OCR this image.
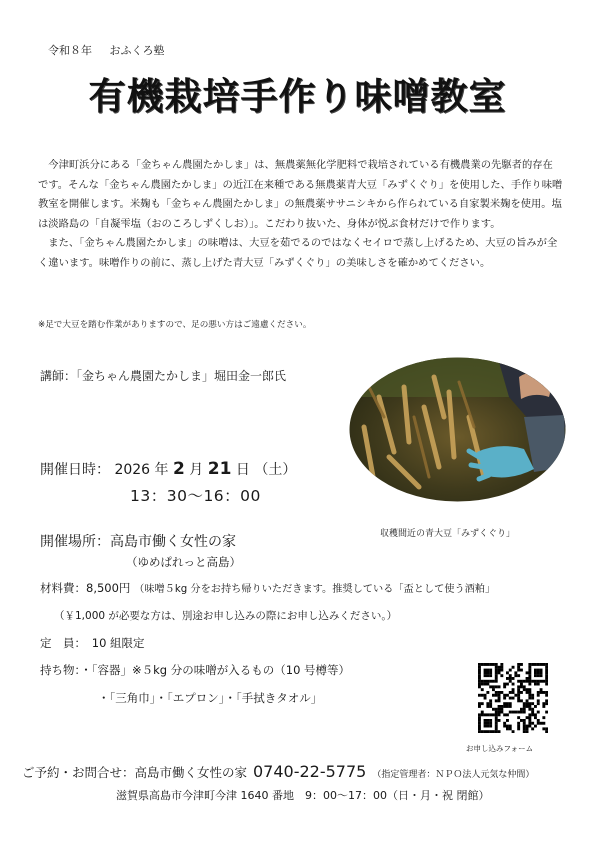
令和８年 おふくろ塾
有機栽培手作り味噌教室

今津町浜分にある「金ちゃん農園たかしま」は、無農薬無化学肥料で栽培されている有機農業の先駆者的存在です。そんな「金ちゃん農園たかしま」の近江在来種である無農薬青大豆「みずくぐり」を使用した、手作り味噌教室を開催します。米麹も「金ちゃん農園たかしま」の無農薬ササニシキから作られている自家製米麹を使用。塩は淡路島の「自凝雫塩（おのころしずくしお）」。こだわり抜いた、身体が悦ぶ食材だけで作ります。

また、「金ちゃん農園たかしま」の味噌は、大豆を茹でるのではなくセイロで蒸し上げるため、大豆の旨みが全く違います。味噌作りの前に、蒸し上げた青大豆「みずくぐり」の美味しさを確かめてください。

※足で大豆を踏む作業がありますので、足の悪い方はご遠慮ください。
講師：「金ちゃん農園たかしま」堀田金一郎氏
収穫間近の青大豆「みずくぐり」
開催日時： 2026 年 2 月 21 日 （土）
13：30〜16：00
開催場所：高島市働く女性の家
（ゆめぱれっと高島）
材料費：8,500円 （味噌５kg 分をお持ち帰りいただきます。推奨している「盃として使う酒粕」
（￥1,000 が必要な方は、別途お申し込みの際にお申し込みください。）
定　員：　10 組限定
持ち物：・「容器」※５kg 分の味噌が入るもの（10 号樽等）
・「三角巾」・「エプロン」・「手拭きタオル」
お申し込みフォーム
ご予約・お問合せ：高島市働く女性の家 0740-22-5775 （指定管理者：ＮＰＯ法人元気な仲間）
滋賀県高島市今津町今津 1640 番地　9：00〜17：00（日・月・祝 閉館）
